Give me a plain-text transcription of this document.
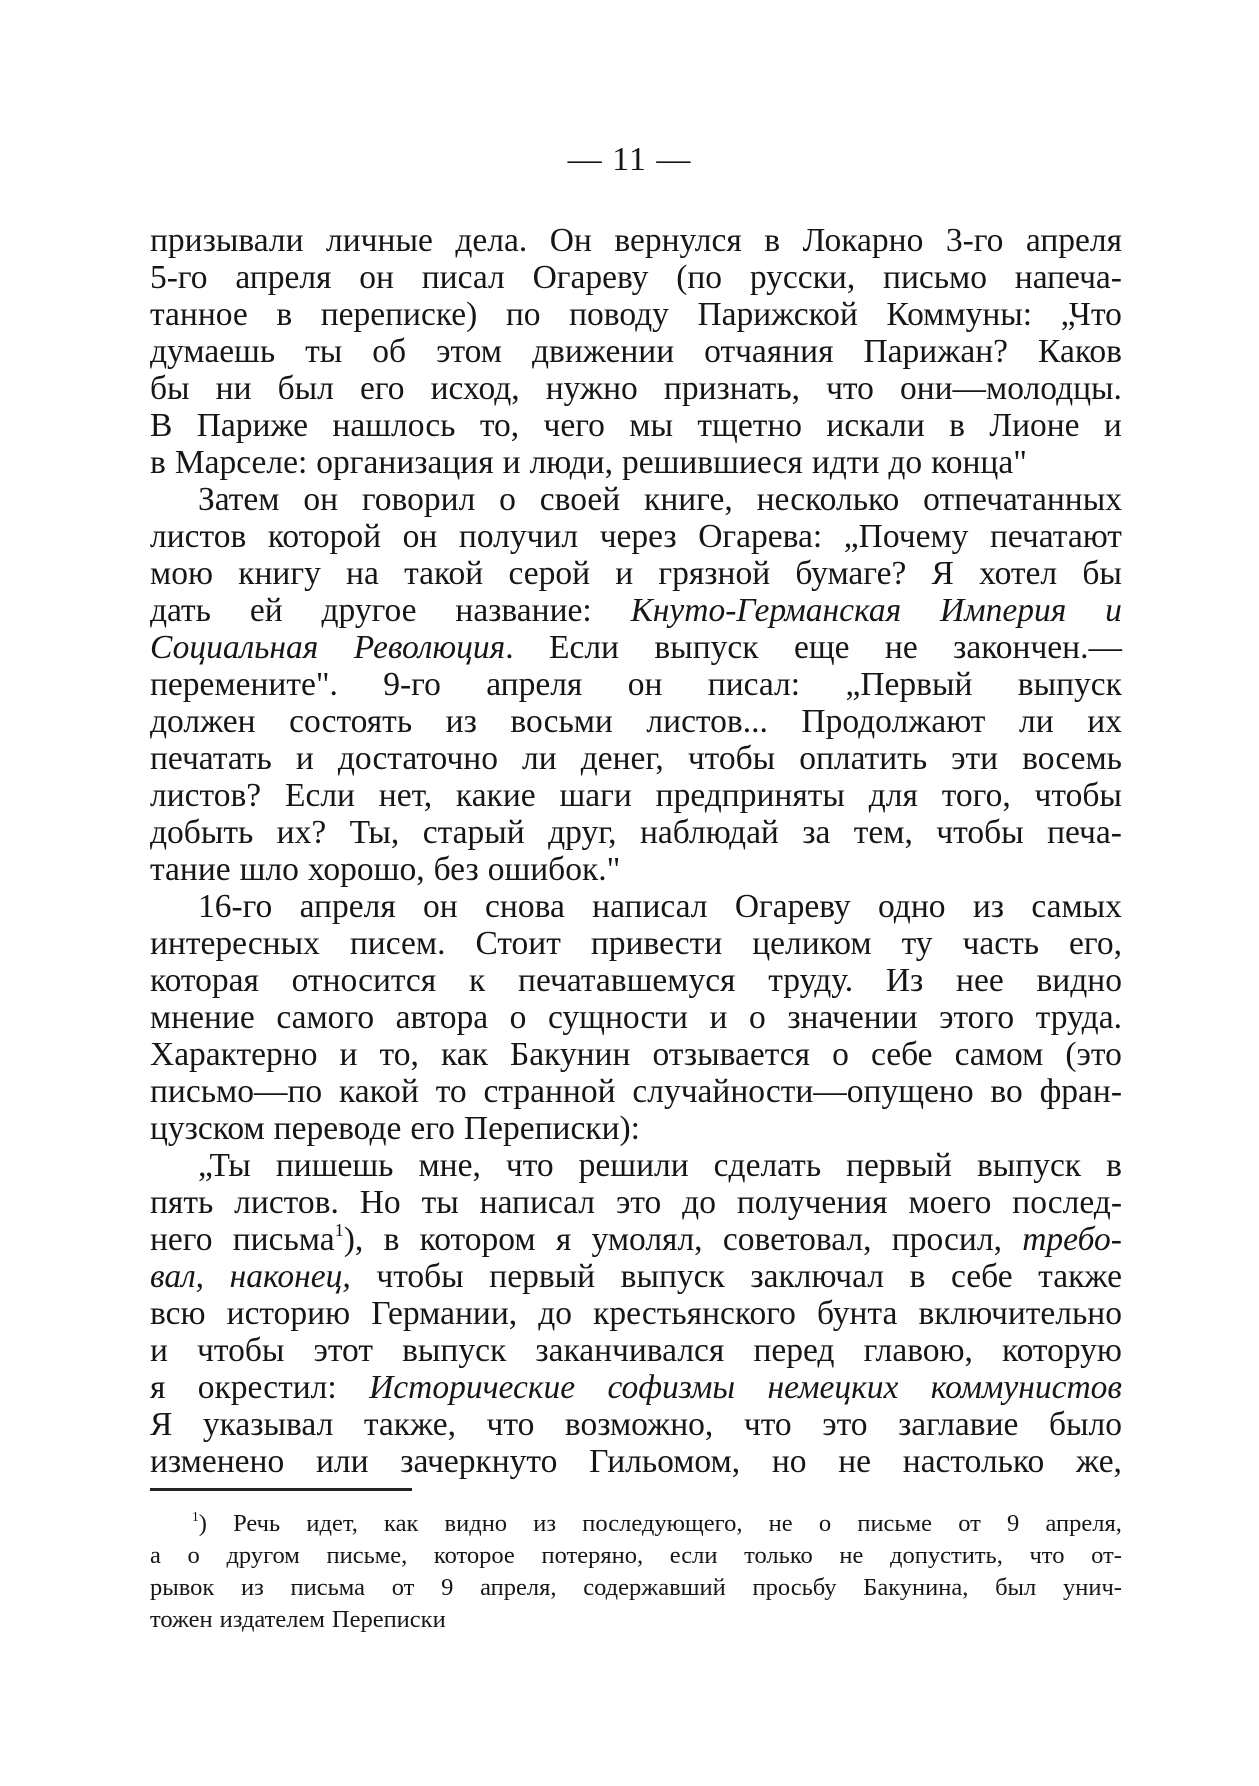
— 11 —
призывали личные дела. Он вернулся в Локарно 3-го апреля
5-го апреля он писал Огареву (по русски, письмо напеча-
танное в переписке) по поводу Парижской Коммуны: „Что
думаешь ты об этом движении отчаяния Парижан? Каков
бы ни был его исход, нужно признать, что они—молодцы.
В Париже нашлось то, чего мы тщетно искали в Лионе и
в Марселе: организация и люди, решившиеся идти до конца"
Затем он говорил о своей книге, несколько отпечатанных
листов которой он получил через Огарева: „Почему печатают
мою книгу на такой серой и грязной бумаге? Я хотел бы
дать ей другое название: Кнуто-Германская Империя и
Социальная Революция. Если выпуск еще не закончен.—
перемените". 9-го апреля он писал: „Первый выпуск
должен состоять из восьми листов... Продолжают ли их
печатать и достаточно ли денег, чтобы оплатить эти восемь
листов? Если нет, какие шаги предприняты для того, чтобы
добыть их? Ты, старый друг, наблюдай за тем, чтобы печа-
тание шло хорошо, без ошибок."
16-го апреля он снова написал Огареву одно из самых
интересных писем. Стоит привести целиком ту часть его,
которая относится к печатавшемуся труду. Из нее видно
мнение самого автора о сущности и о значении этого труда.
Характерно и то, как Бакунин отзывается о себе самом (это
письмо—по какой то странной случайности—опущено во фран-
цузском переводе его Переписки):
„Ты пишешь мне, что решили сделать первый выпуск в
пять листов. Но ты написал это до получения моего послед-
него письма$^1$), в котором я умолял, советовал, просил, требо-
вал, наконец, чтобы первый выпуск заключал в себе также
всю историю Германии, до крестьянского бунта включительно
и чтобы этот выпуск заканчивался перед главою, которую
я окрестил: Исторические софизмы немецких коммунистов
Я указывал также, что возможно, что это заглавие было
изменено или зачеркнуто Гильомом, но не настолько же,
$^1$) Речь идет, как видно из последующего, не о письме от 9 апреля,
а о другом письме, которое потеряно, если только не допустить, что от-
рывок из письма от 9 апреля, содержавший просьбу Бакунина, был унич-
тожен издателем Переписки
